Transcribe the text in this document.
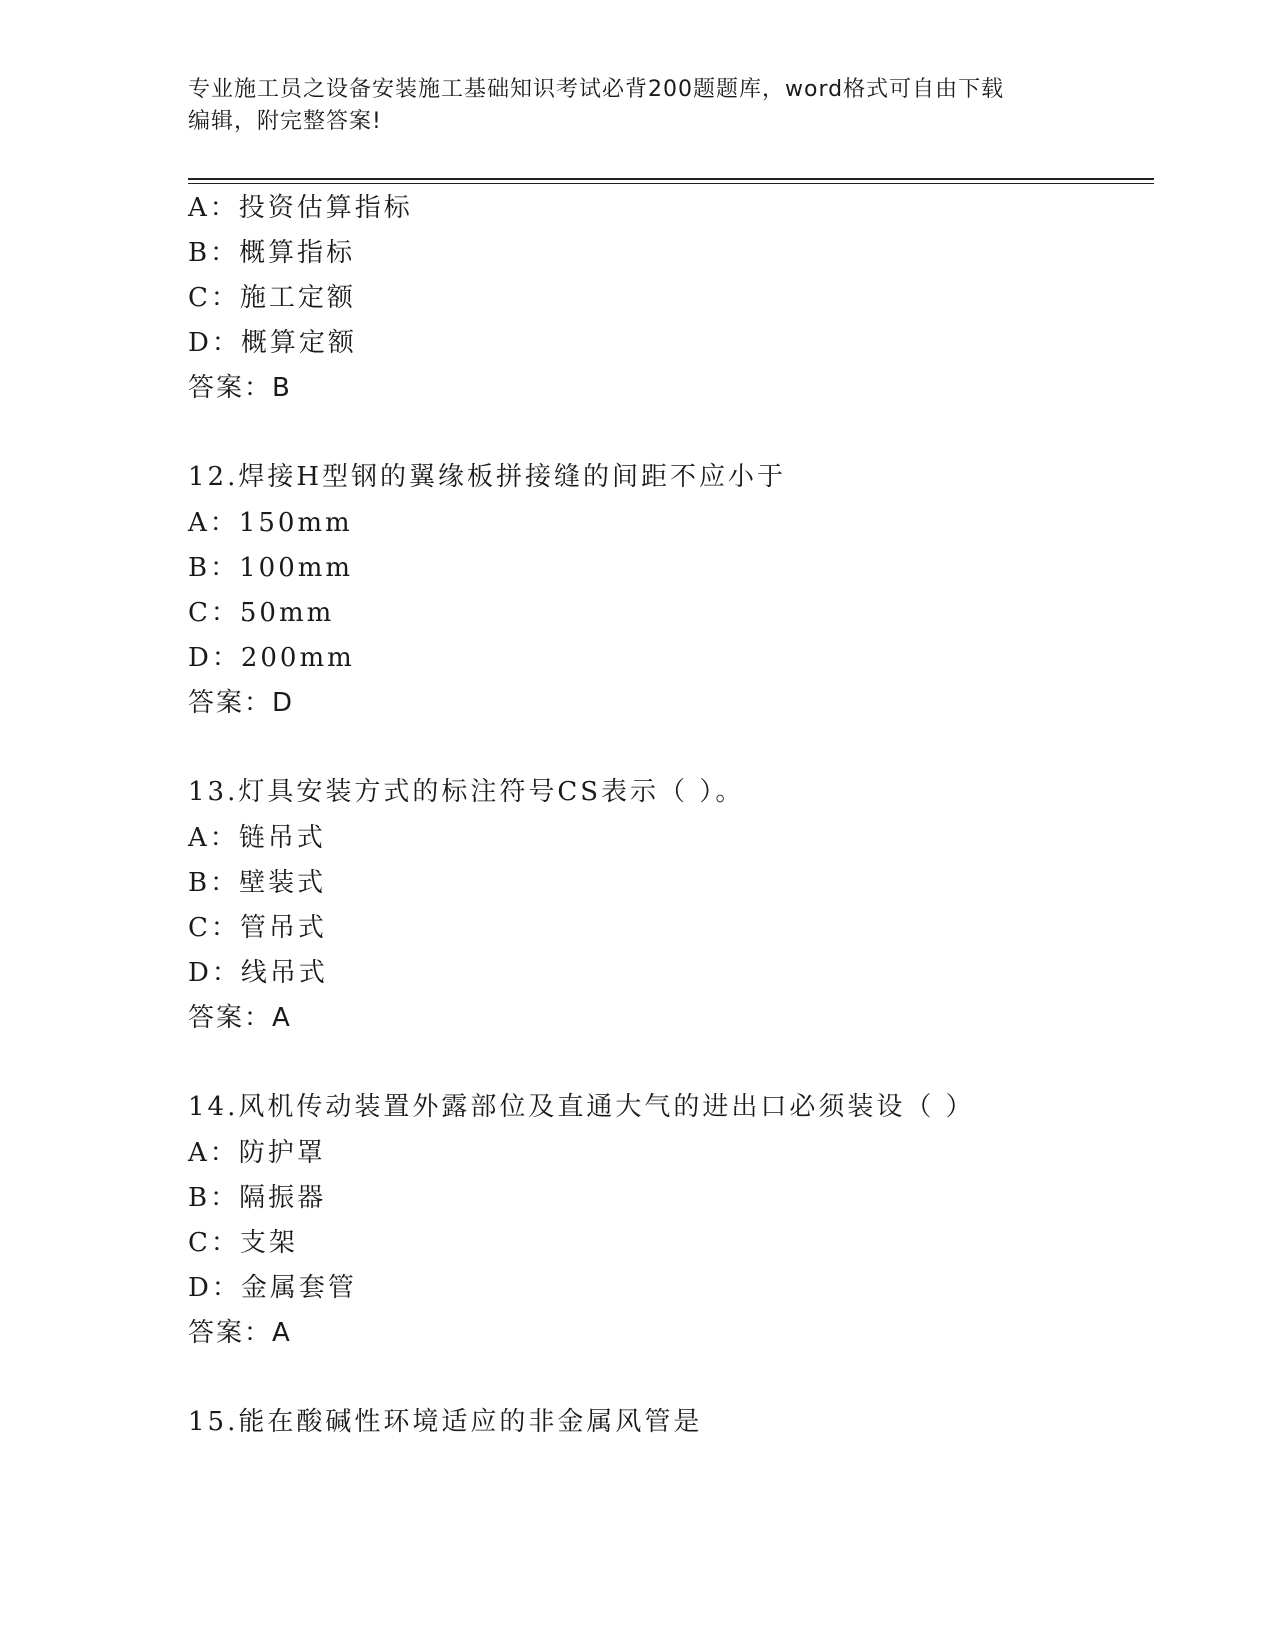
专业施工员之设备安装施工基础知识考试必背200题题库，word格式可自由下载
编辑，附完整答案!
A：投资估算指标
B：概算指标
C：施工定额
D：概算定额
答案：B
12.焊接H型钢的翼缘板拼接缝的间距不应小于
A：150mm
B：100mm
C：50mm
D：200mm
答案：D
13.灯具安装方式的标注符号CS表示（ ）。
A：链吊式
B：壁装式
C：管吊式
D：线吊式
答案：A
14.风机传动装置外露部位及直通大气的进出口必须装设（ ）
A：防护罩
B：隔振器
C：支架
D：金属套管
答案：A
15.能在酸碱性环境适应的非金属风管是
